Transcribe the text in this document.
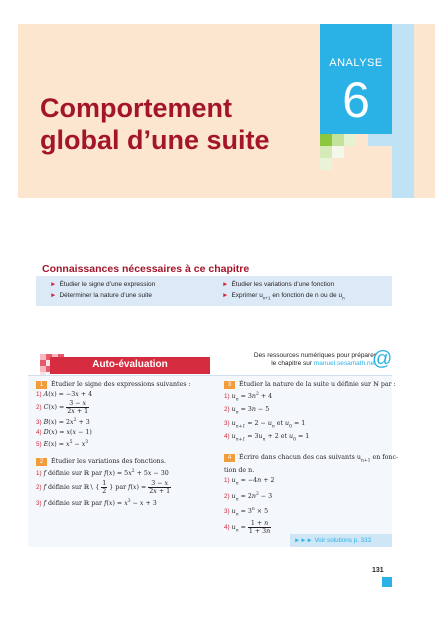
ANALYSE
6
Comportement
global d’une suite
Connaissances nécessaires à ce chapitre
► Étudier le signe d’une expression
► Déterminer la nature d’une suite
► Étudier les variations d’une fonction
► Exprimer $u_{n+1}$ en fonction de n ou de $u_n$
Auto-évaluation
Des ressources numériques pour préparer
le chapitre sur manuel.sesamath.net
@
1 Étudier le signe des expressions suivantes :
1) A(x) = −3x + 4
2) $C(x) = \frac{3 - x}{2x + 1}$
3) $B(x) = 2x^2 + 3$
4) D(x) = x(x − 1)
5) $E(x) = x^5 - x^3$
2 Étudier les variations des fonctions.
1) f définie sur ℝ par $f(x) = 5x^2 + 5x - 30$
2) f définie sur ℝ∖ { $\frac{1}{2}$ } par $f(x) = \frac{3 - x}{2x + 1}$
3) f définie sur ℝ par $f(x) = x^3 - x + 3$
3 Étudier la nature de la suite u définie sur ℕ par :
1) $u_n = 3n^2 + 4$
2) $u_n = 3n - 5$
3) $u_{n+1} = 2 - u_n$ et $u_0 = 1$
4) $u_{n+1} = 3u_n + 2$ et $u_0 = 1$
4 Écrire dans chacun des cas suivants $u_{n+1}$ en fonc-
tion de n.
1) $u_n = -4n + 2$
2) $u_n = 2n^2 - 3$
3) $u_n = 3^n \times 5$
4) $u_n = \frac{1 + n}{1 + 3n}$
►►► Voir solutions p. 333
131
